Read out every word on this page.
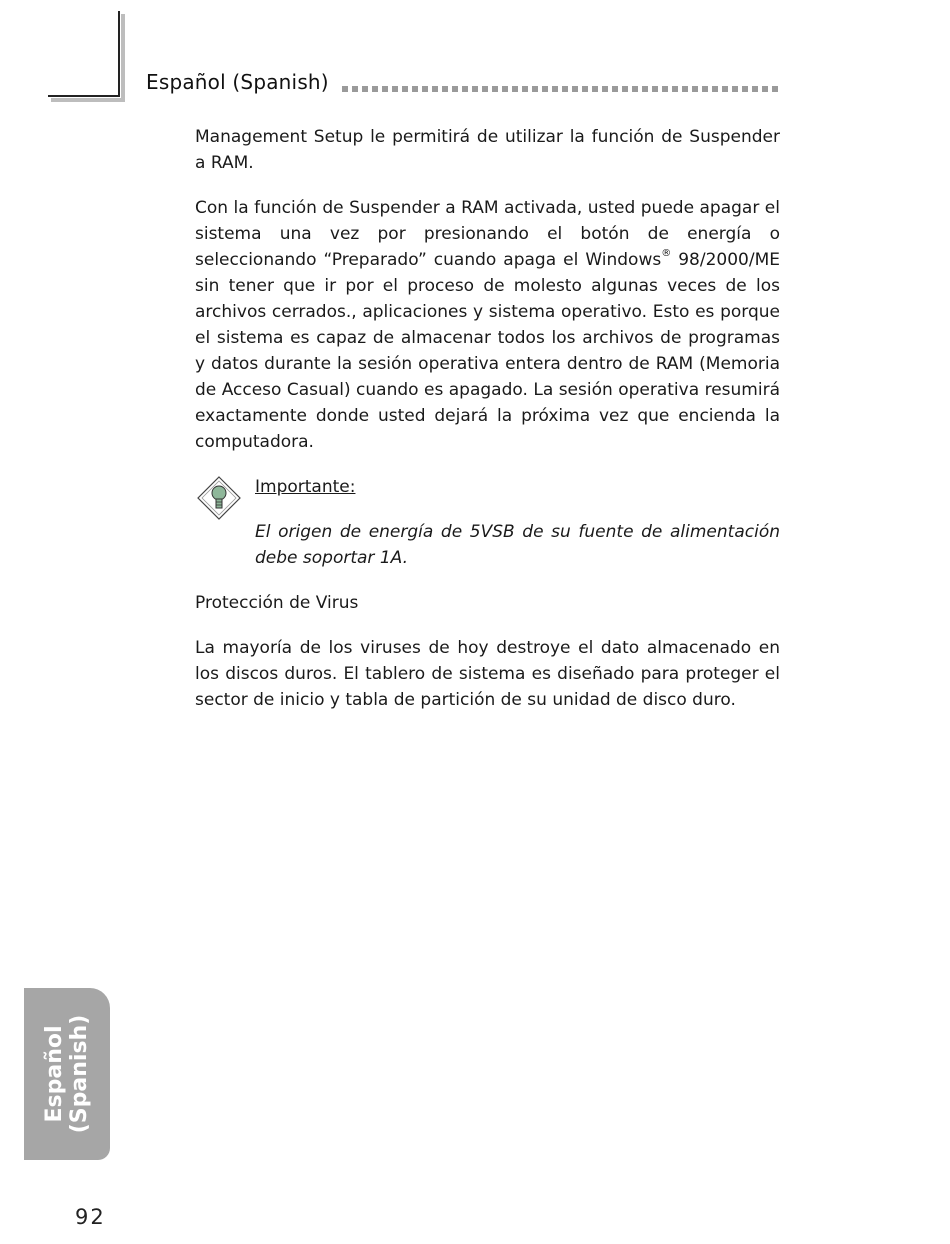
Español (Spanish)

Management Setup le permitirá de utilizar la función de Suspender a RAM.

Con la función de Suspender a RAM activada, usted puede apagar el sistema una vez por presionando el botón de energía o seleccionando “Preparado” cuando apaga el Windows® 98/2000/ME sin tener que ir por el proceso de molesto algunas veces de los archivos cerrados., aplicaciones y sistema operativo. Esto es porque el sistema es capaz de almacenar todos los archivos de programas y datos durante la sesión operativa entera dentro de RAM (Memoria de Acceso Casual) cuando es apagado. La sesión operativa resumirá exactamente donde usted dejará la próxima vez que encienda la computadora.

Importante:

El origen de energía de 5VSB de su fuente de alimentación debe soportar 1A.

Protección de Virus

La mayoría de los viruses de hoy destroye el dato almacenado en los discos duros. El tablero de sistema es diseñado para proteger el sector de inicio y tabla de partición de su unidad de disco duro.

Español
(Spanish)
92
